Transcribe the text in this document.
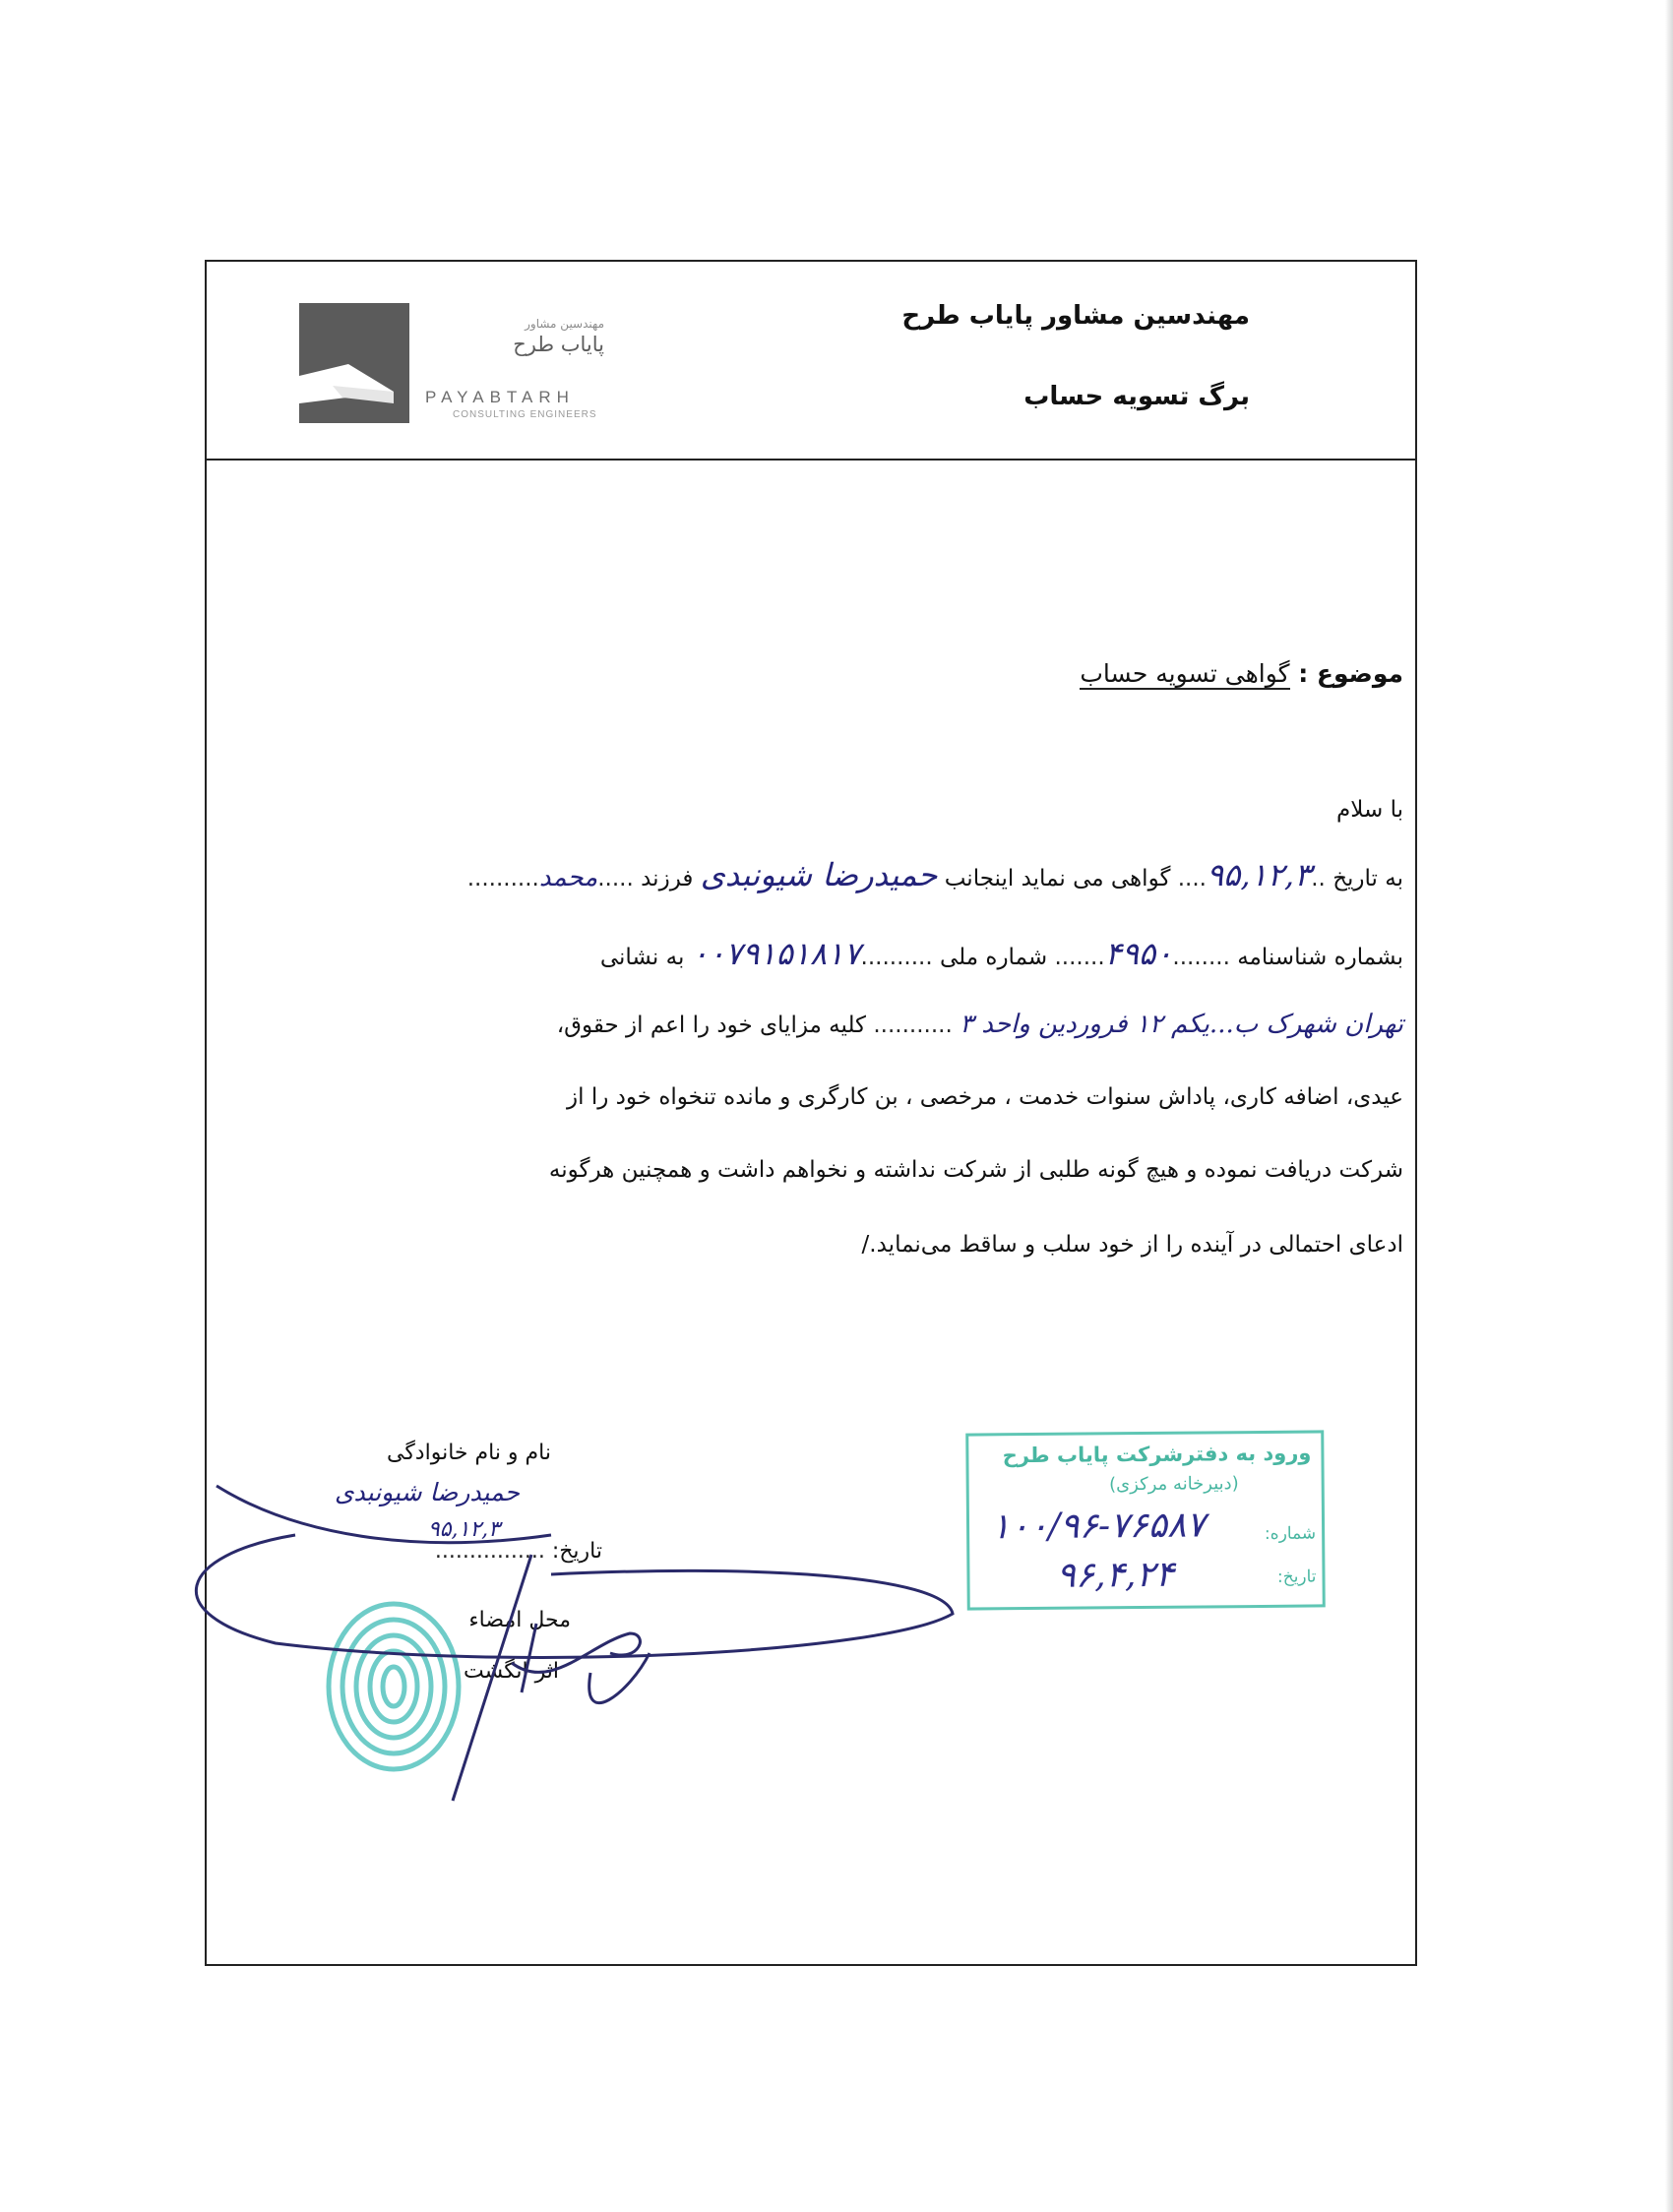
مهندسین مشاور پایاب طرح
برگ تسویه حساب
مهندسین مشاور
پایاب طرح
PAYABTARH
CONSULTING ENGINEERS
موضوع : گواهی تسویه حساب
با سلام
به تاریخ ..۹۵,۱۲,۳.... گواهی می نماید اینجانب حمیدرضا شیونبدی فرزند .....محمد..........
بشماره شناسنامه ........۴۹۵۰....... شماره ملی ..........۰۰۷۹۱۵۱۸۱۷ به نشانی
تهران شهرک ب...یکم ۱۲ فروردین واحد ۳ ........... کلیه مزایای خود را اعم از حقوق،
عیدی، اضافه کاری، پاداش سنوات خدمت ، مرخصی ، بن کارگری و مانده تنخواه خود را از
شرکت دریافت نموده و هیچ گونه طلبی از شرکت نداشته و نخواهم داشت و همچنین هرگونه
ادعای احتمالی در آینده را از خود سلب و ساقط می‌نماید./
نام و نام خانوادگی
حمیدرضا شیونبدی
۹۵,۱۲,۳
تاریخ: ................
محل امضاء
اثر انگشت
ورود به دفترشرکت پایاب طرح
(دبیرخانه مرکزی)
شماره:
تاریخ:
۱۰۰/۹۶-۷۶۵۸۷
۹۶,۴,۲۴
